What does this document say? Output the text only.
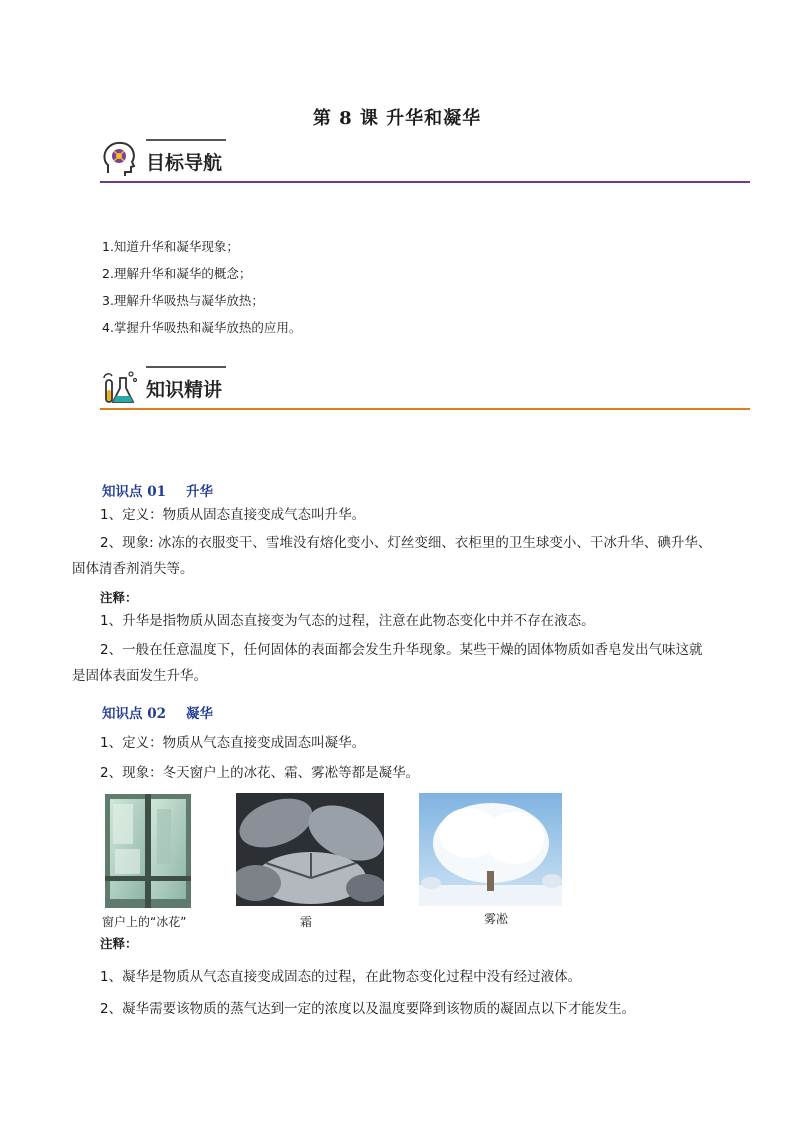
第 8 课 升华和凝华
目标导航
1.知道升华和凝华现象；
2.理解升华和凝华的概念；
3.理解升华吸热与凝华放热；
4.掌握升华吸热和凝华放热的应用。
知识精讲
知识点 01 升华
1、定义：物质从固态直接变成气态叫升华。
2、现象: 冰冻的衣服变干、雪堆没有熔化变小、灯丝变细、衣柜里的卫生球变小、干冰升华、碘升华、
固体清香剂消失等。
注释：
1、升华是指物质从固态直接变为气态的过程，注意在此物态变化中并不存在液态。
2、一般在任意温度下，任何固体的表面都会发生升华现象。某些干燥的固体物质如香皂发出气味这就
是固体表面发生升华。
知识点 02 凝华
1、定义：物质从气态直接变成固态叫凝华。
2、现象：冬天窗户上的冰花、霜、雾凇等都是凝华。
窗户上的“冰花”	霜	雾凇
注释：
1、凝华是物质从气态直接变成固态的过程，在此物态变化过程中没有经过液体。
2、凝华需要该物质的蒸气达到一定的浓度以及温度要降到该物质的凝固点以下才能发生。
